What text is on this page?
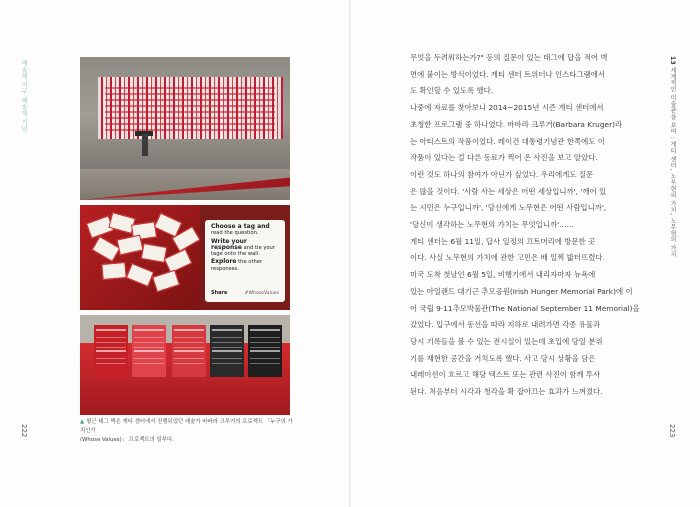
예술제 지구 예술제 기념
222
Choose a tag and read the question.
Write your response and tie your tage onto the wall.
Explore the other responses.
Share	#WhoseValues
▲ 형근 태그 벽은 게티 센터에서 진행되었던 예술가 바바라 크루거의 프로젝트 「누구의 가치인가
(Whose Values)」 프로젝트의 일부다.
13 세계적인 미술관을 보며 : 게티 센터, 노무현의 가치, 노무현의 가치
223

무엇을 두려워하는가?" 등의 질문이 있는 태그에 답을 적어 벽

면에 붙이는 방식이었다. 게티 센터 트위터나 인스타그램에서

도 확인할 수 있도록 했다.

나중에 자료를 찾아보니 2014~2015년 시즌 게티 센터에서

초청한 프로그램 중 하나였다. 바바라 크루거(Barbara Kruger)라

는 아티스트의 작품이었다. 레이건 대통령기념관 한쪽에도 이

작품이 있다는 걸 다른 동료가 찍어 온 사진을 보고 알았다.

이런 것도 하나의 참여가 아닌가 싶었다. 우리에게도 질문

은 많을 것이다. '사람 사는 세상은 어떤 세상입니까', '깨어 있

는 시민은 누구입니까', '당신에게 노무현은 어떤 사람입니까',

'당신이 생각하는 노무현의 가치는 무엇입니까'……

게티 센터는 6월 11일, 답사 일정의 끄트머리에 방문한 곳

이다. 사실 노무현의 가치에 관한 고민은 배 일찍 밟터뜨렸다.

미국 도착 첫날인 6월 5일, 비행기에서 내리자마자 뉴욕에

있는 아일랜드 대기근 추모공원(Irish Hunger Memorial Park)에 이

어 국립 9·11추모박물관(The National September 11 Memorial)을

갔었다. 입구에서 동선을 따라 지하로 내려가면 각종 유물과

당시 기록들을 볼 수 있는 전시실이 있는데 초입에 당일 분위

기를 재현한 공간을 거치도록 했다. 사고 당시 상황을 담은

내레이션이 흐르고 해당 텍스트 또는 관련 사진이 함께 투사

된다. 처음부터 시각과 청각을 확 잡아끄는 효과가 느껴졌다.
